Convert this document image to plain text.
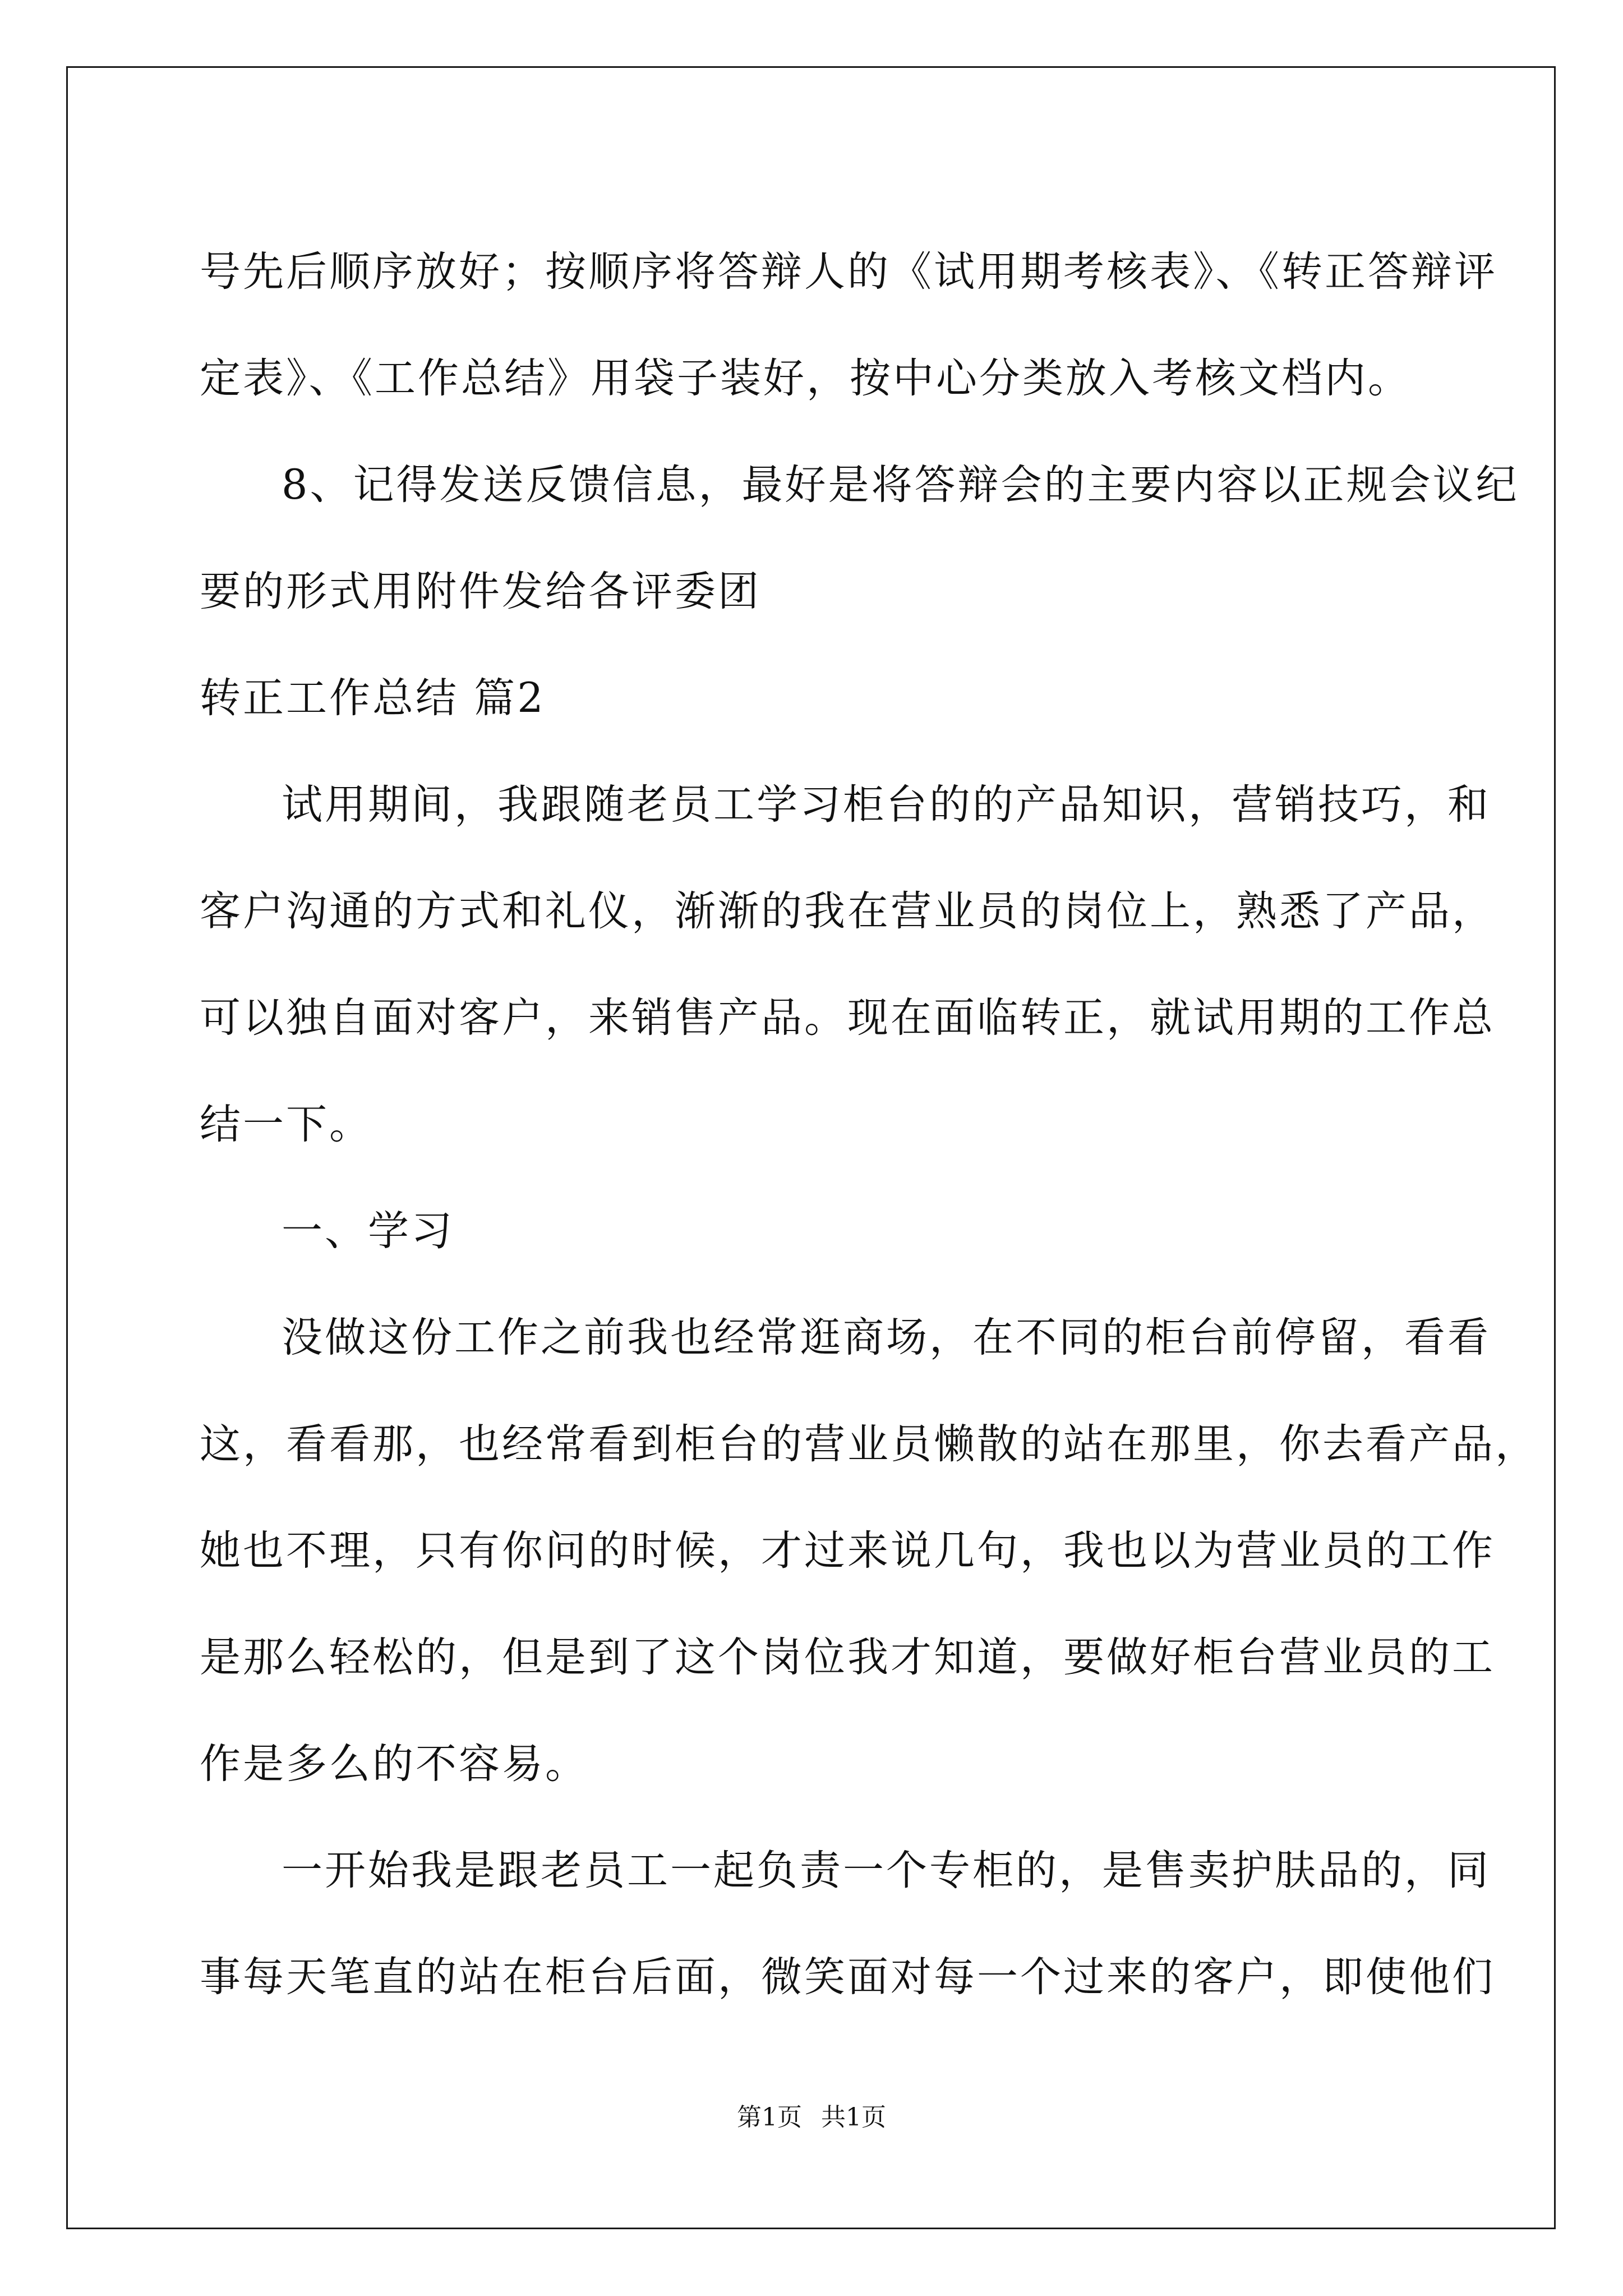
号先后顺序放好；按顺序将答辩人的《试用期考核表》、《转正答辩评
定表》、《工作总结》用袋子装好，按中心分类放入考核文档内。
8、记得发送反馈信息，最好是将答辩会的主要内容以正规会议纪
要的形式用附件发给各评委团
转正工作总结 篇2
试用期间，我跟随老员工学习柜台的的产品知识，营销技巧，和
客户沟通的方式和礼仪，渐渐的我在营业员的岗位上，熟悉了产品，
可以独自面对客户，来销售产品。现在面临转正，就试用期的工作总
结一下。
一、学习
没做这份工作之前我也经常逛商场，在不同的柜台前停留，看看
这，看看那，也经常看到柜台的营业员懒散的站在那里，你去看产品，
她也不理，只有你问的时候，才过来说几句，我也以为营业员的工作
是那么轻松的，但是到了这个岗位我才知道，要做好柜台营业员的工
作是多么的不容易。
一开始我是跟老员工一起负责一个专柜的，是售卖护肤品的，同
事每天笔直的站在柜台后面，微笑面对每一个过来的客户，即使他们
第1页 共1页
